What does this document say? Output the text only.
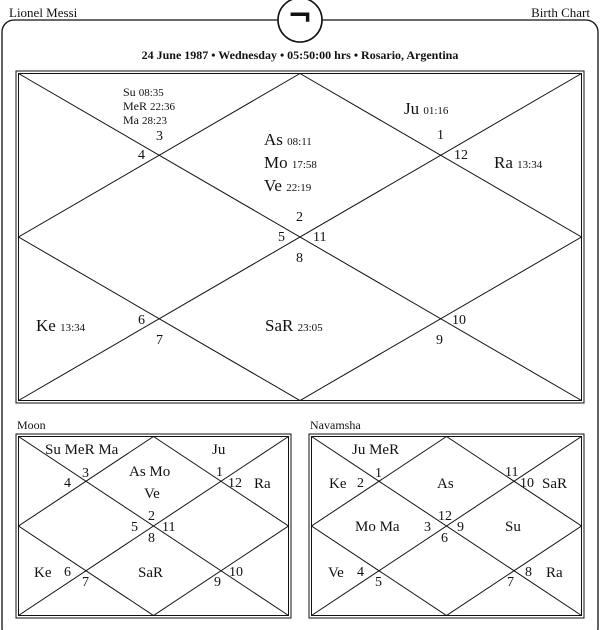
Lionel Messi	Birth Chart
¬
24 June 1987 • Wednesday • 05:50:00 hrs • Rosario, Argentina
Su 08:35
MeR 22:36
Ma 28:23
As 08:11
Mo 17:58
Ve 22:19
Ju 01:16
Ra 13:34
Ke 13:34	SaR 23:05
2
3
4
5
6
7
8
9
10
11
12
1
Moon
Su MeR Ma	Ju
As Mo
Ve
Ra
Ke	SaR
2
3
4
5
6
7
8
9
10
11
12
1
Navamsha
Ju MeR
Ke	As	SaR
Mo Ma	Su
Ve	Ra
12
1
2
3
4
5
6
7
8
9
10
11
